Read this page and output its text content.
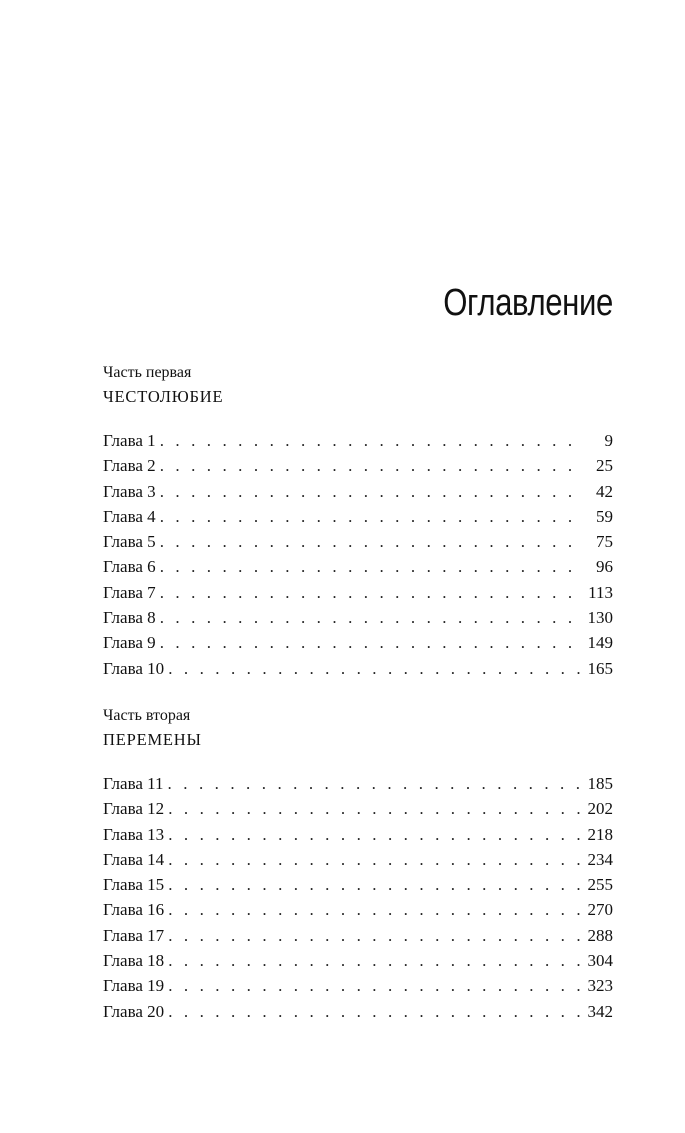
Оглавление
Часть первая
ЧЕСТОЛЮБИЕ
Глава 1 . . .	9
Глава 2 . . .	25
Глава 3 . . .	42
Глава 4 . . .	59
Глава 5 . . .	75
Глава 6 . . .	96
Глава 7 . . .	113
Глава 8 . . .	130
Глава 9 . . .	149
Глава 10 . . .	165
Часть вторая
ПЕРЕМЕНЫ
Глава 11 . . .	185
Глава 12 . . .	202
Глава 13 . . .	218
Глава 14 . . .	234
Глава 15 . . .	255
Глава 16 . . .	270
Глава 17 . . .	288
Глава 18 . . .	304
Глава 19 . . .	323
Глава 20 . . .	342
